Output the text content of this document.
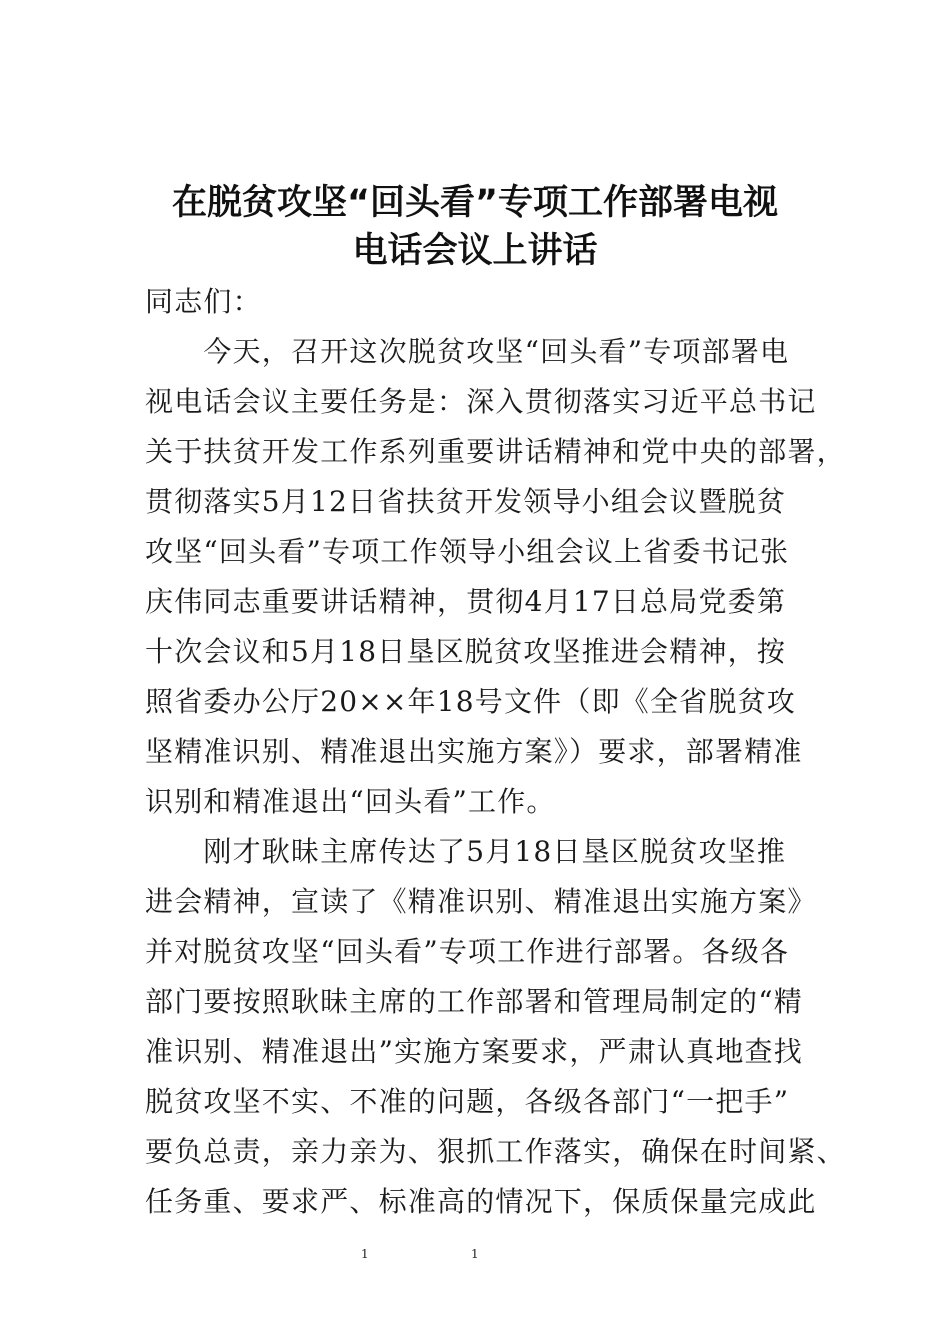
在脱贫攻坚“回头看”专项工作部署电视
电话会议上讲话
同志们：
　　今天，召开这次脱贫攻坚“回头看”专项部署电
视电话会议主要任务是：深入贯彻落实习近平总书记
关于扶贫开发工作系列重要讲话精神和党中央的部署，
贯彻落实5月12日省扶贫开发领导小组会议暨脱贫
攻坚“回头看”专项工作领导小组会议上省委书记张
庆伟同志重要讲话精神，贯彻4月17日总局党委第
十次会议和5月18日垦区脱贫攻坚推进会精神，按
照省委办公厅20××年18号文件（即《全省脱贫攻
坚精准识别、精准退出实施方案》）要求，部署精准
识别和精准退出“回头看”工作。
　　刚才耿昧主席传达了5月18日垦区脱贫攻坚推
进会精神，宣读了《精准识别、精准退出实施方案》
并对脱贫攻坚“回头看”专项工作进行部署。各级各
部门要按照耿昧主席的工作部署和管理局制定的“精
准识别、精准退出”实施方案要求，严肃认真地查找
脱贫攻坚不实、不准的问题，各级各部门“一把手”
要负总责，亲力亲为、狠抓工作落实，确保在时间紧、
任务重、要求严、标准高的情况下，保质保量完成此
1	1
